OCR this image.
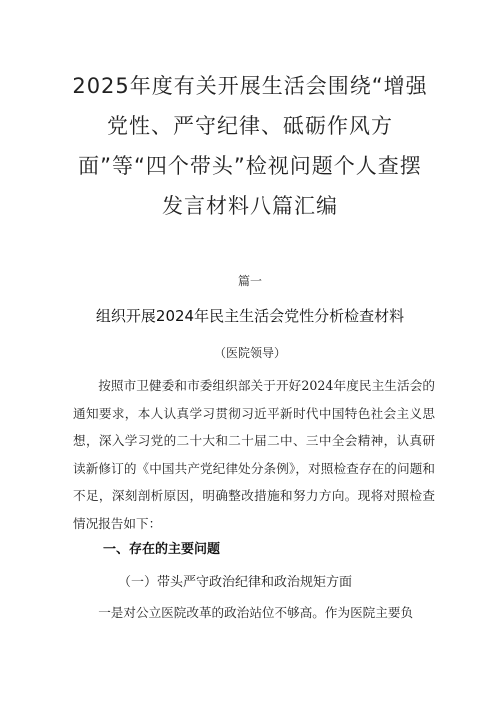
2025年度有关开展生活会围绕“增强党性、严守纪律、砥砺作风方面”等“四个带头”检视问题个人查摆发言材料八篇汇编
篇一
组织开展2024年民主生活会党性分析检查材料
（医院领导）
按照市卫健委和市委组织部关于开好2024年度民主生活会的通知要求，本人认真学习贯彻习近平新时代中国特色社会主义思想，深入学习党的二十大和二十届二中、三中全会精神，认真研读新修订的《中国共产党纪律处分条例》，对照检查存在的问题和不足，深刻剖析原因，明确整改措施和努力方向。现将对照检查情况报告如下：
一、存在的主要问题
（一）带头严守政治纪律和政治规矩方面
一是对公立医院改革的政治站位不够高。作为医院主要负
